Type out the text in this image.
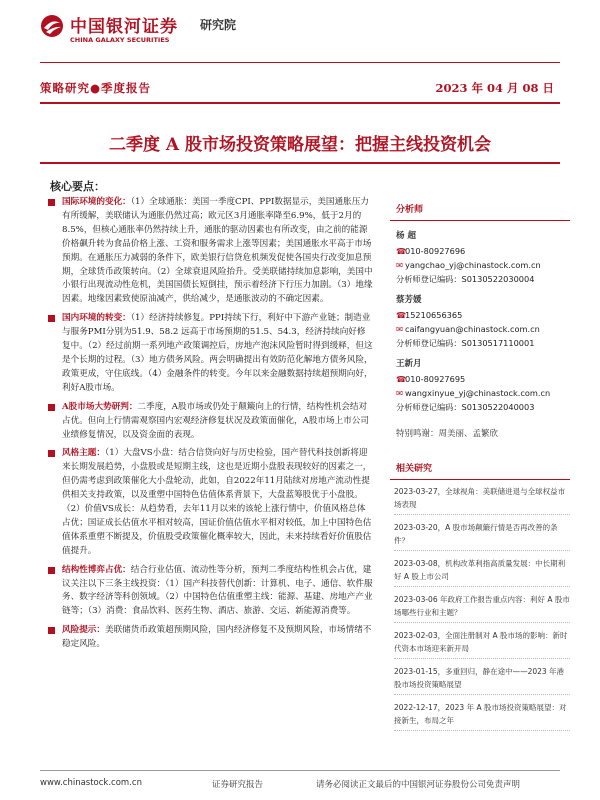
中国银河证券
CHINA GALAXY SECURITIES
研究院
策略研究●季度报告	2023 年 04 月 08 日
二季度 A 股市场投资策略展望：把握主线投资机会
核心要点：

国际环境的变化：（1）全球通胀：美国一季度CPI、PPI数据显示，美国通胀压力有所缓解，美联储认为通胀仍然过高；欧元区3月通胀率降至6.9%，低于2月的8.5%，但核心通胀率仍然持续上升，通胀的驱动因素也有所改变，由之前的能源价格飙升转为食品价格上涨、工资和服务需求上涨等因素；美国通胀水平高于市场预期。在通胀压力减弱的条件下，欧美银行信贷危机频发促使各国央行改变加息预期，全球货币政策转向。（2）全球衰退风险抬升。受美联储持续加息影响，美国中小银行出现流动性危机，美国国债长短倒挂，预示着经济下行压力加剧。（3）地缘因素。地缘因素致使原油减产，供给减少，是通胀波动的不确定因素。

国内环境的转变：（1）经济持续修复。PPI持续下行，利好中下游产业链；制造业与服务PMI分别为51.9、58.2 远高于市场预期的51.5、54.3，经济持续向好修复中。（2）经过前期一系列地产政策调控后，房地产泡沫风险暂时得到缓释，但这是个长期的过程。（3）地方债务风险。两会明确提出有效防范化解地方债务风险，政策更成，守住底线。（4）金融条件的转变。今年以来金融数据持续超预期向好，利好A股市场。

A股市场大势研判：二季度，A股市场或仍处于颠簸向上的行情，结构性机会结对占优。但向上行情需观察国内宏观经济修复状况及政策面催化，A股市场上市公司业绩修复情况，以及资金面的表现。

风格主题：（1）大盘VS小盘：结合信贷向好与历史检验，国产替代科技创新将迎来长期发展趋势，小盘股或是短期主线，这也是近期小盘股表现较好的因素之一，但仍需考虑到政策催化大小盘轮动，此如，自2022年11月陆续对房地产流动性提供相关支持政策，以及重塑中国特色估值体系背景下，大盘蓝筹股优于小盘股。（2）价值VS成长：从趋势看，去年11月以来的该轮上涨行情中，价值风格总体占优；国证成长估值水平相对较高，国证价值估值水平相对较低，加上中国特色估值体系重塑不断提及，价值股受政策催化概率较大，因此，未来持续看好价值股估值提升。

结构性博弈占优：结合行业估值、流动性等分析，预判二季度结构性机会占优，建议关注以下三条主线投资：（1）国产科技替代创新：计算机、电子、通信、软件服务、数字经济等科创领域。（2）中国特色估值重塑主线：能源、基建、房地产产业链等；（3）消费：食品饮料、医药生物、酒店、旅游、交运、新能源消费等。

风险提示：美联储货币政策超预期风险，国内经济修复不及预期风险，市场情绪不稳定风险。

分析师
杨 超
☎010-80927696
✉ yangchao_yj@chinastock.com.cn
分析师登记编码：S0130522030004
蔡芳媛
☎15210656365
✉ caifangyuan@chinastock.com.cn
分析师登记编码：S0130517110001
王新月
☎010-80927695
✉ wangxinyue_yj@chinastock.com.cn
分析师登记编码：S0130522040003
特别鸣谢：周美丽、孟繁欣
相关研究
2023-03-27，全球视角：美联储进退与全球权益市场表现
2023-03-20，A 股市场颠簸行情是否再改善的条件？
2023-03-08，机构改革利指高质量发展：中长期利好 A 股上市公司
2023-03-06 年政府工作报告重点内容：利好 A 股市场哪些行业和主题？
2023-02-03，全面注册制对 A 股市场的影响：新时代资本市场迎来新开局
2023-01-15，多重回归，静在途中——2023 年港股市场投资策略展望
2022-12-17，2023 年 A 股市场投资策略展望：对接新生，布局之年
www.chinastock.com.cn	证券研究报告	请务必阅读正文最后的中国银河证券股份公司免责声明
